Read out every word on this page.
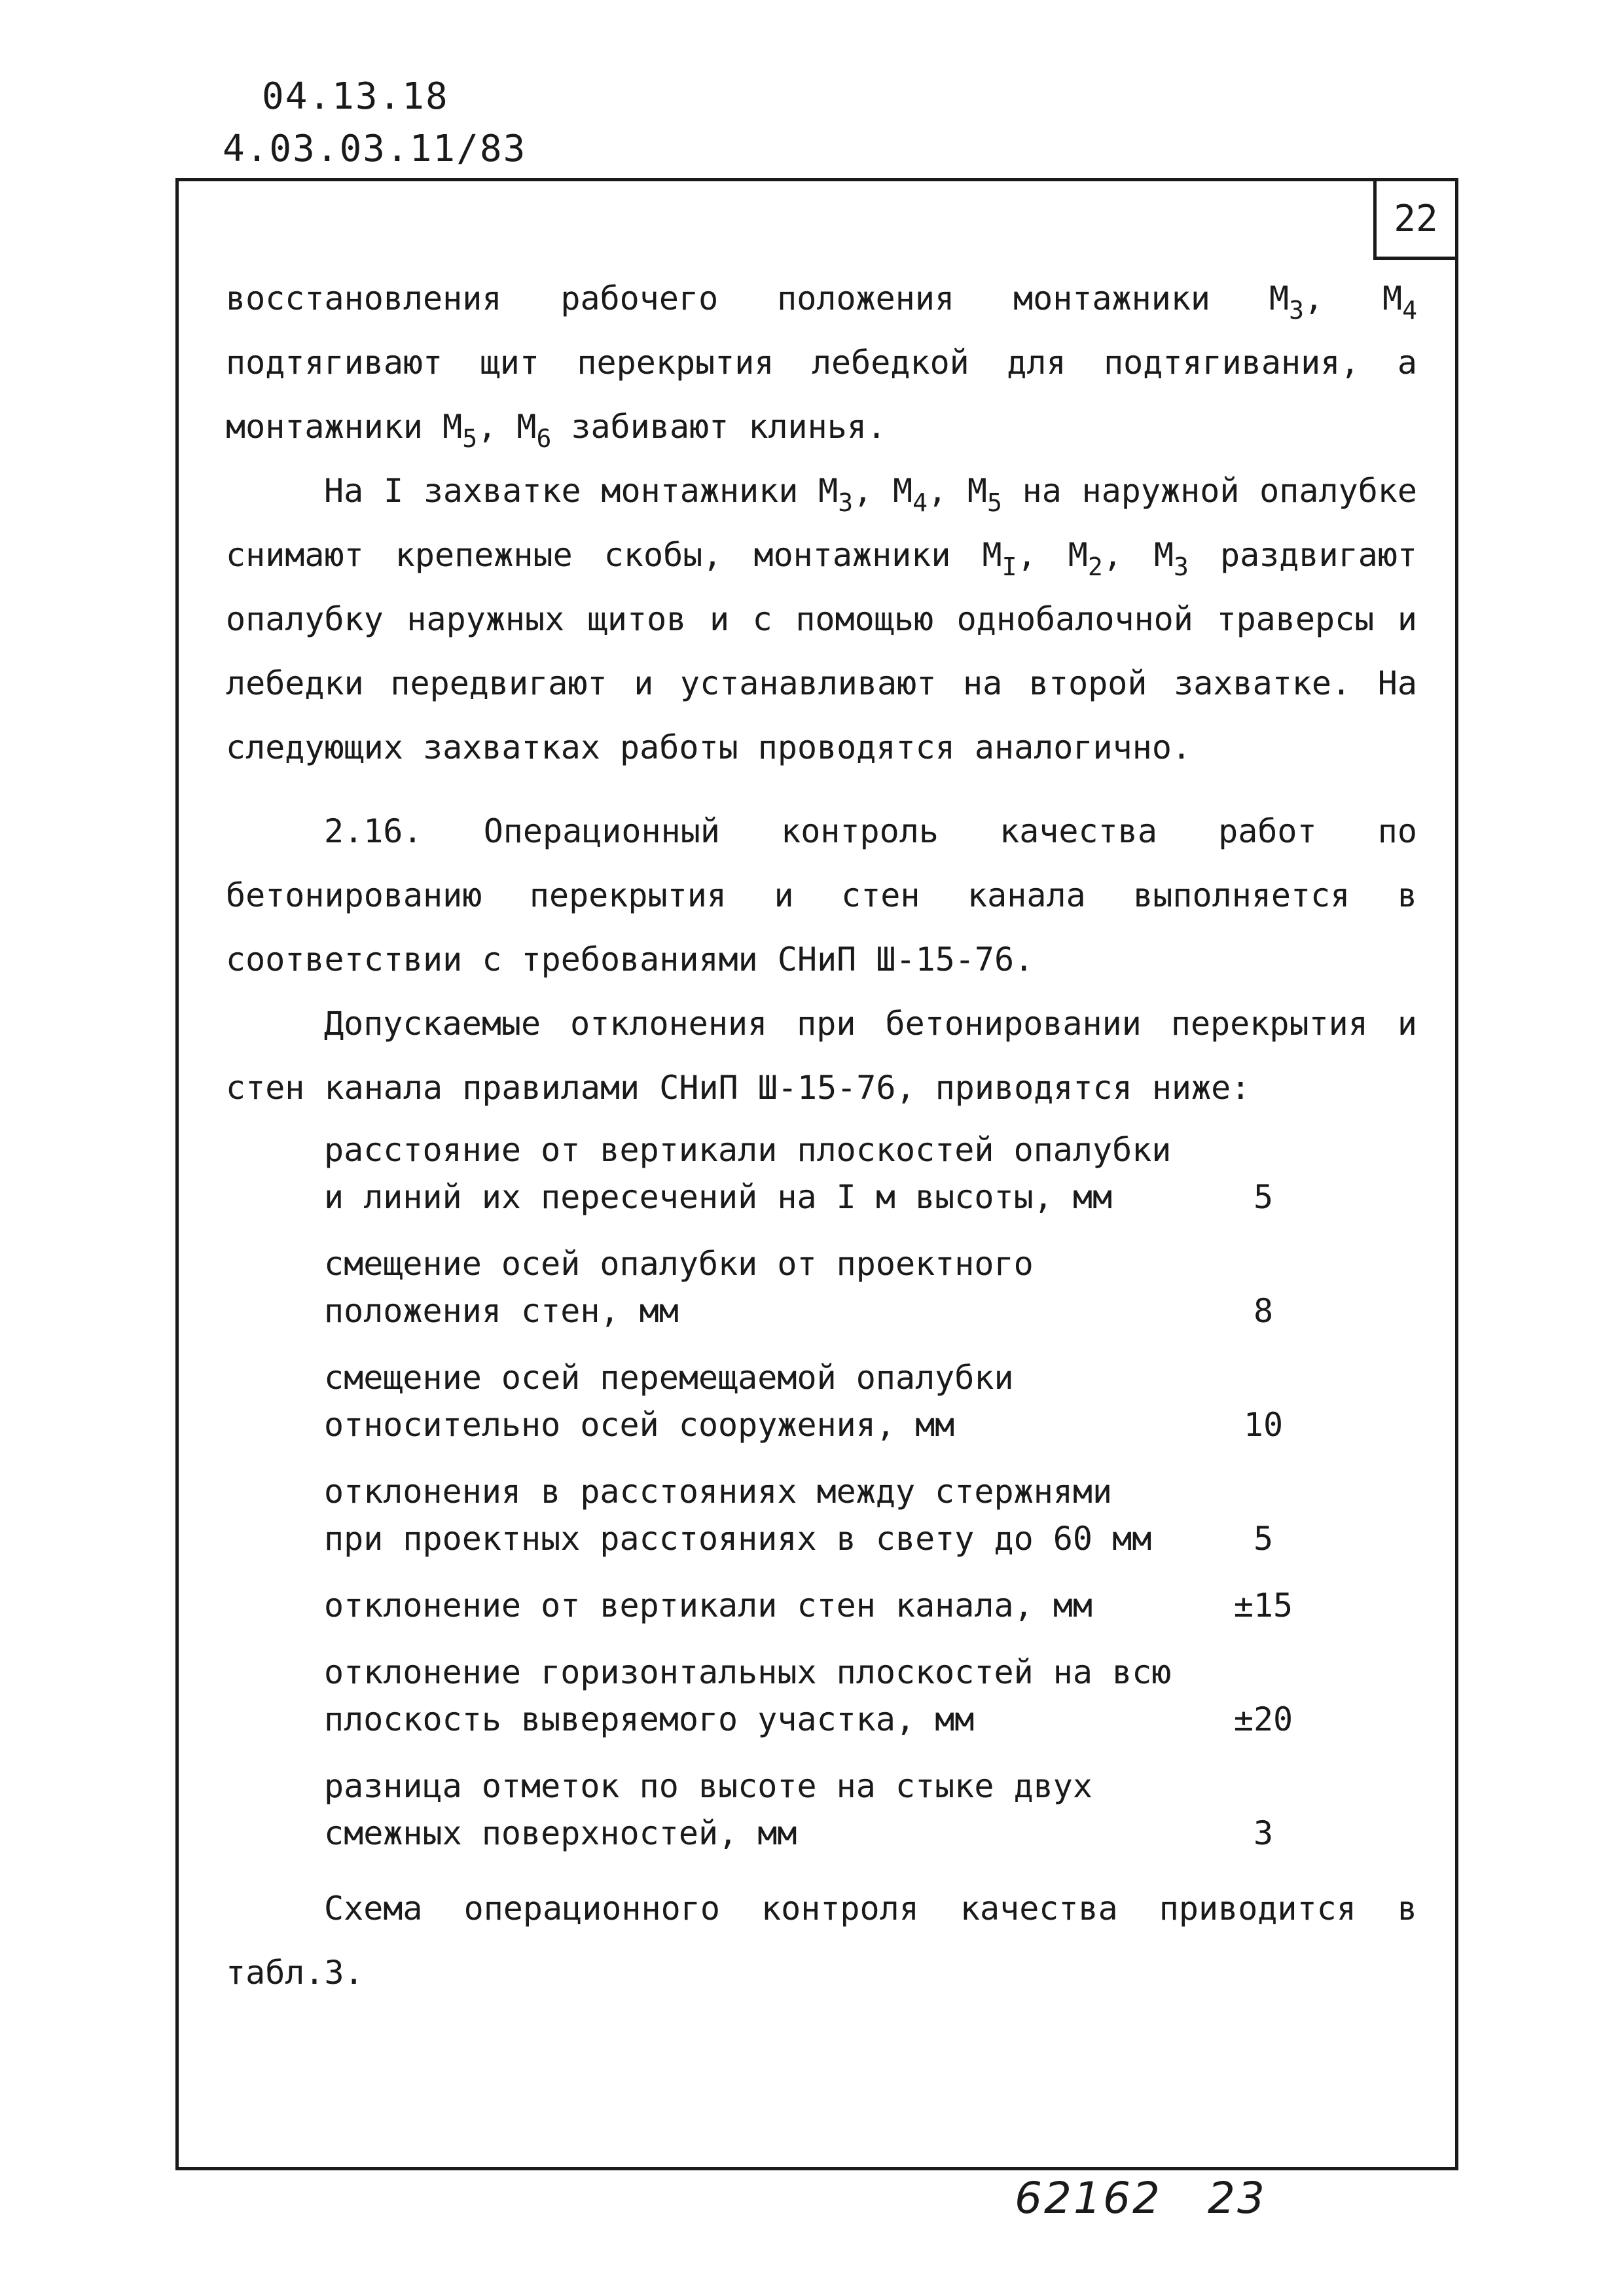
04.13.18
4.03.03.11/83
22

восстановления рабочего положения монтажники $М_3$, $М_4$ подтягивают щит перекрытия лебедкой для подтягивания, а монтажники $М_5$, $М_6$ забивают клинья.

На I захватке монтажники $М_3$, $М_4$, $М_5$ на наружной опалубке снимают крепежные скобы, монтажники $М_I$, $М_2$, $М_3$ раздвигают опалубку наружных щитов и с помощью однобалочной траверсы и лебедки передвигают и устанавливают на второй захватке. На следующих захватках работы проводятся аналогично.

2.16. Операционный контроль качества работ по бетонированию перекрытия и стен канала выполняется в соответствии с требованиями СНиП Ш-15-76.

Допускаемые отклонения при бетонировании перекрытия и стен канала правилами СНиП Ш-15-76, приводятся ниже:

расстояние от вертикали плоскостей опалубки и линий их пересечений на I м высоты, мм	5
смещение осей опалубки от проектного положения стен, мм	8
смещение осей перемещаемой опалубки относительно осей сооружения, мм	10
отклонения в расстояниях между стержнями при проектных расстояниях в свету до 60 мм	5
отклонение от вертикали стен канала, мм	±15
отклонение горизонтальных плоскостей на всю плоскость выверяемого участка, мм	±20
разница отметок по высоте на стыке двух смежных поверхностей, мм	3

Схема операционного контроля качества приводится в табл.3.

62162 23
